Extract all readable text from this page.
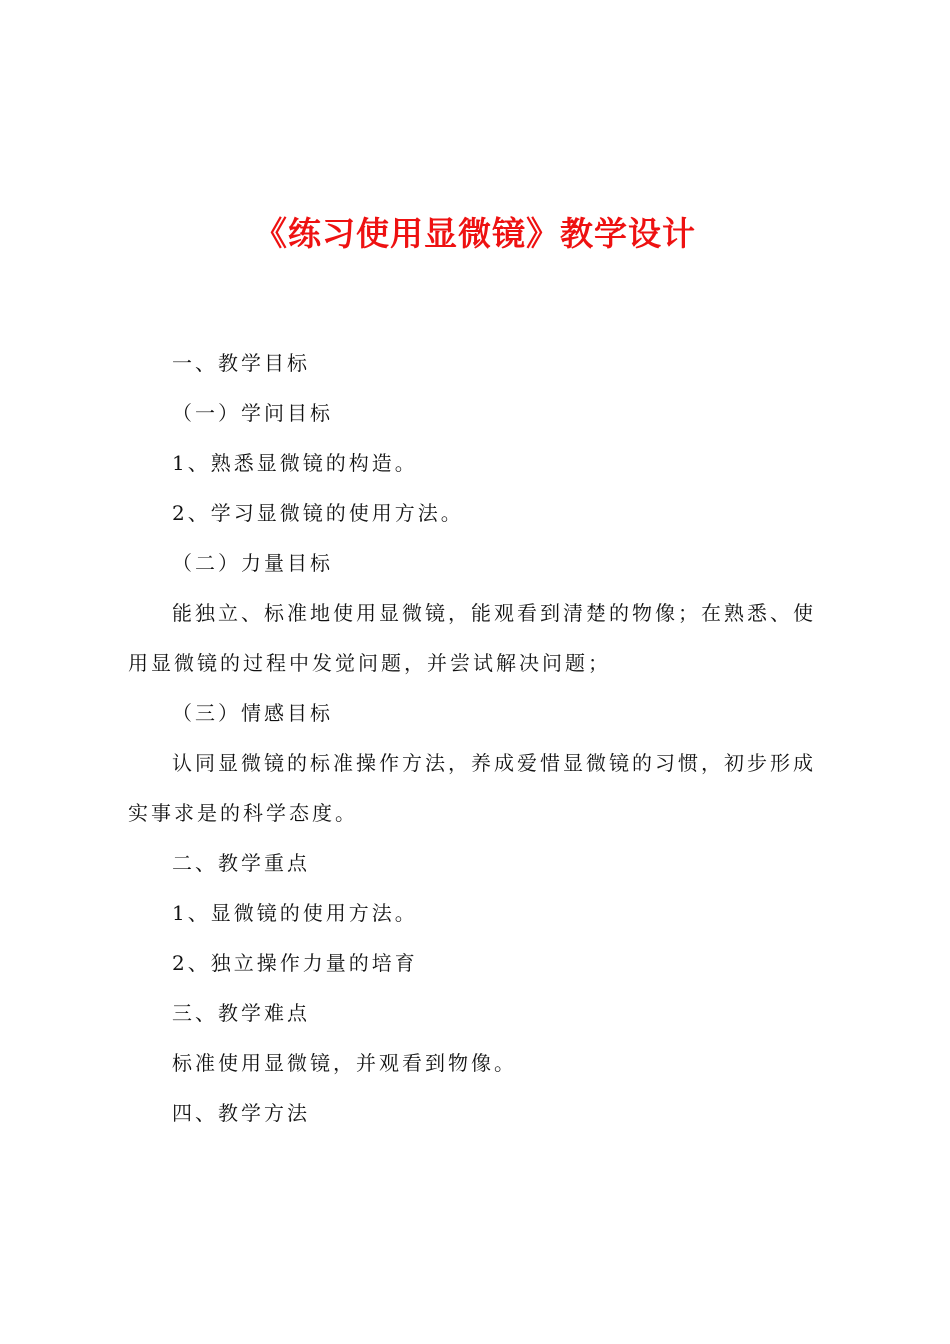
《练习使用显微镜》教学设计

一、教学目标

（一）学问目标

1、熟悉显微镜的构造。

2、学习显微镜的使用方法。

（二）力量目标

能独立、标准地使用显微镜，能观看到清楚的物像；在熟悉、使用显微镜的过程中发觉问题，并尝试解决问题；

（三）情感目标

认同显微镜的标准操作方法，养成爱惜显微镜的习惯，初步形成实事求是的科学态度。

二、教学重点

1、显微镜的使用方法。

2、独立操作力量的培育

三、教学难点

标准使用显微镜，并观看到物像。

四、教学方法
